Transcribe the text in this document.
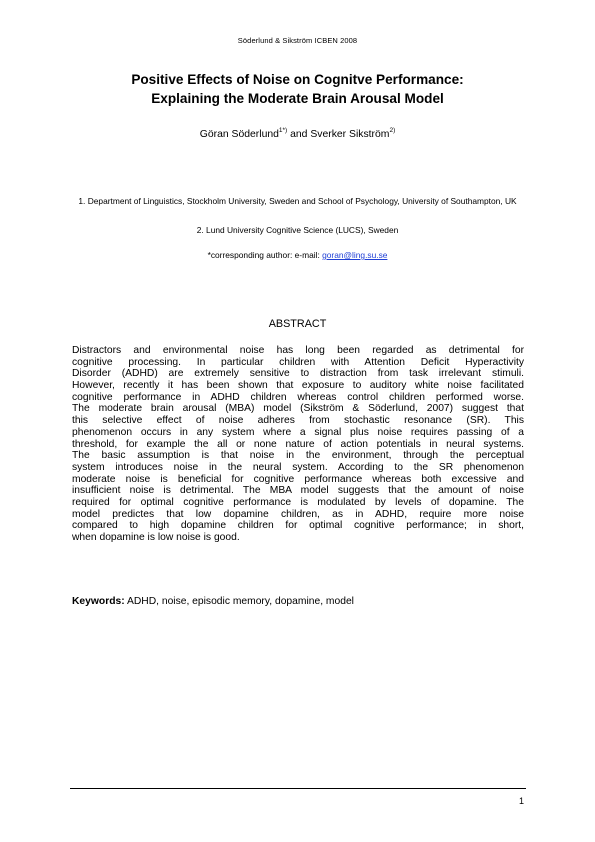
Söderlund & Sikström ICBEN 2008
Positive Effects of Noise on Cognitve Performance:
Explaining the Moderate Brain Arousal Model
Göran Söderlund$^{1*)}$ and Sverker Sikström$^{2)}$
1. Department of Linguistics, Stockholm University, Sweden and School of Psychology, University of Southampton, UK
2. Lund University Cognitive Science (LUCS), Sweden
*corresponding author: e-mail: goran@ling.su.se
ABSTRACT
Distractors and environmental noise has long been regarded as detrimental for
cognitive processing. In particular children with Attention Deficit Hyperactivity
Disorder (ADHD) are extremely sensitive to distraction from task irrelevant stimuli.
However, recently it has been shown that exposure to auditory white noise facilitated
cognitive performance in ADHD children whereas control children performed worse.
The moderate brain arousal (MBA) model (Sikström & Söderlund, 2007) suggest that
this selective effect of noise adheres from stochastic resonance (SR). This
phenomenon occurs in any system where a signal plus noise requires passing of a
threshold, for example the all or none nature of action potentials in neural systems.
The basic assumption is that noise in the environment, through the perceptual
system introduces noise in the neural system. According to the SR phenomenon
moderate noise is beneficial for cognitive performance whereas both excessive and
insufficient noise is detrimental. The MBA model suggests that the amount of noise
required for optimal cognitive performance is modulated by levels of dopamine. The
model predictes that low dopamine children, as in ADHD, require more noise
compared to high dopamine children for optimal cognitive performance; in short,
when dopamine is low noise is good.
Keywords: ADHD, noise, episodic memory, dopamine, model
1
